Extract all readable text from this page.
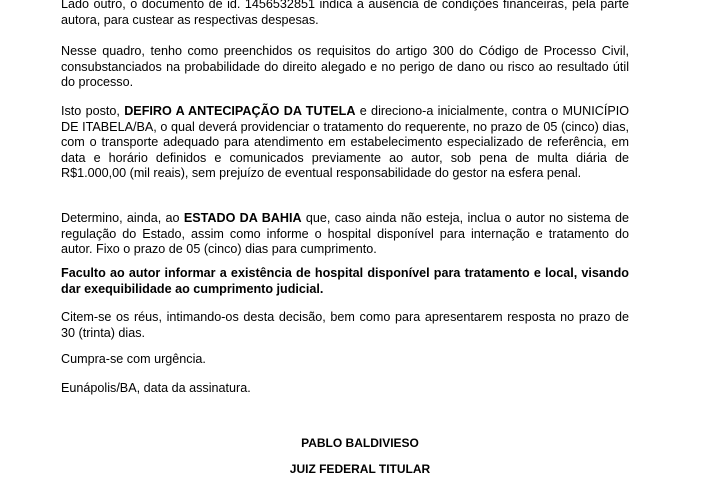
Lado outro, o documento de id. 1456532851 indica a ausência de condições financeiras, pela parte autora, para custear as respectivas despesas.

Nesse quadro, tenho como preenchidos os requisitos do artigo 300 do Código de Processo Civil, consubstanciados na probabilidade do direito alegado e no perigo de dano ou risco ao resultado útil do processo.

Isto posto, DEFIRO A ANTECIPAÇÃO DA TUTELA e direciono-a inicialmente, contra o MUNICÍPIO DE ITABELA/BA, o qual deverá providenciar o tratamento do requerente, no prazo de 05 (cinco) dias, com o transporte adequado para atendimento em estabelecimento especializado de referência, em data e horário definidos e comunicados previamente ao autor, sob pena de multa diária de R$1.000,00 (mil reais), sem prejuízo de eventual responsabilidade do gestor na esfera penal.

Determino, ainda, ao ESTADO DA BAHIA que, caso ainda não esteja, inclua o autor no sistema de regulação do Estado, assim como informe o hospital disponível para internação e tratamento do autor. Fixo o prazo de 05 (cinco) dias para cumprimento.

Faculto ao autor informar a existência de hospital disponível para tratamento e local, visando dar exequibilidade ao cumprimento judicial.

Citem-se os réus, intimando-os desta decisão, bem como para apresentarem resposta no prazo de 30 (trinta) dias.

Cumpra-se com urgência.

Eunápolis/BA, data da assinatura.

PABLO BALDIVIESO

JUIZ FEDERAL TITULAR
